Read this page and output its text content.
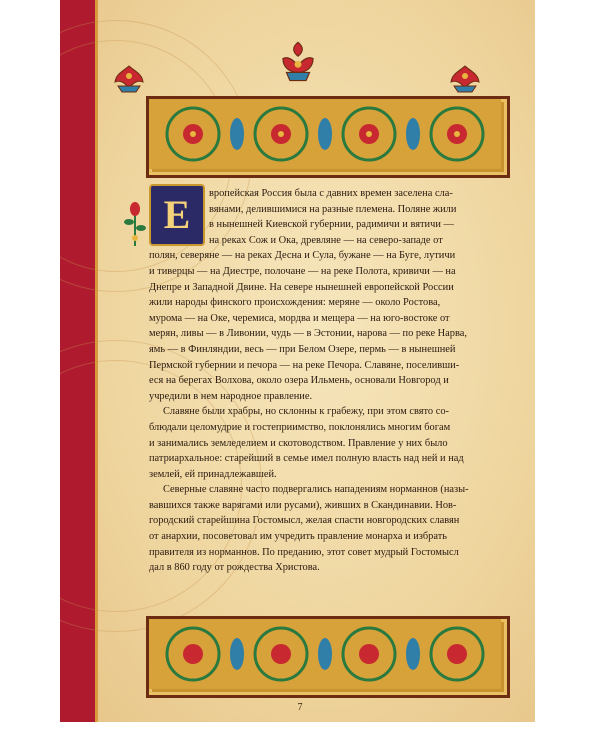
Е	вропейская Россия была с давних времен заселена сла-
вянами, делившимися на разные племена. Поляне жили
в нынешней Киевской губернии, радимичи и вятичи —
на реках Сож и Ока, древляне — на северо-западе от
полян, северяне — на реках Десна и Сула, бужане — на Буге, лутичи
и тиверцы — на Диестре, полочане — на реке Полота, кривичи — на
Днепре и Западной Двине. На севере нынешней европейской России
жили народы финского происхождения: меряне — около Ростова,
мурома — на Оке, черемиса, мордва и мещера — на юго-востоке от
мерян, ливы — в Ливонии, чудь — в Эстонии, нарова — по реке Нарва,
ямь — в Финляндии, весь — при Белом Озере, пермь — в нынешней
Пермской губернии и печора — на реке Печора. Славяне, поселивши-
еся на берегах Волхова, около озера Ильмень, основали Новгород и
учредили в нем народное правление.

Славяне были храбры, но склонны к грабежу, при этом свято со-
блюдали целомудрие и гостеприимство, поклонялись многим богам
и занимались земледелием и скотоводством. Правление у них было
патриархальное: старейший в семье имел полную власть над ней и над
землей, ей принадлежавшей.

Северные славяне часто подвергались нападениям норманнов (назы-
вавшихся также варягами или русами), живших в Скандинавии. Нов-
городский старейшина Гостомысл, желая спасти новгородских славян
от анархии, посоветовал им учредить правление монарха и избрать
правителя из норманнов. По преданию, этот совет мудрый Гостомысл
дал в 860 году от рождества Христова.

7
